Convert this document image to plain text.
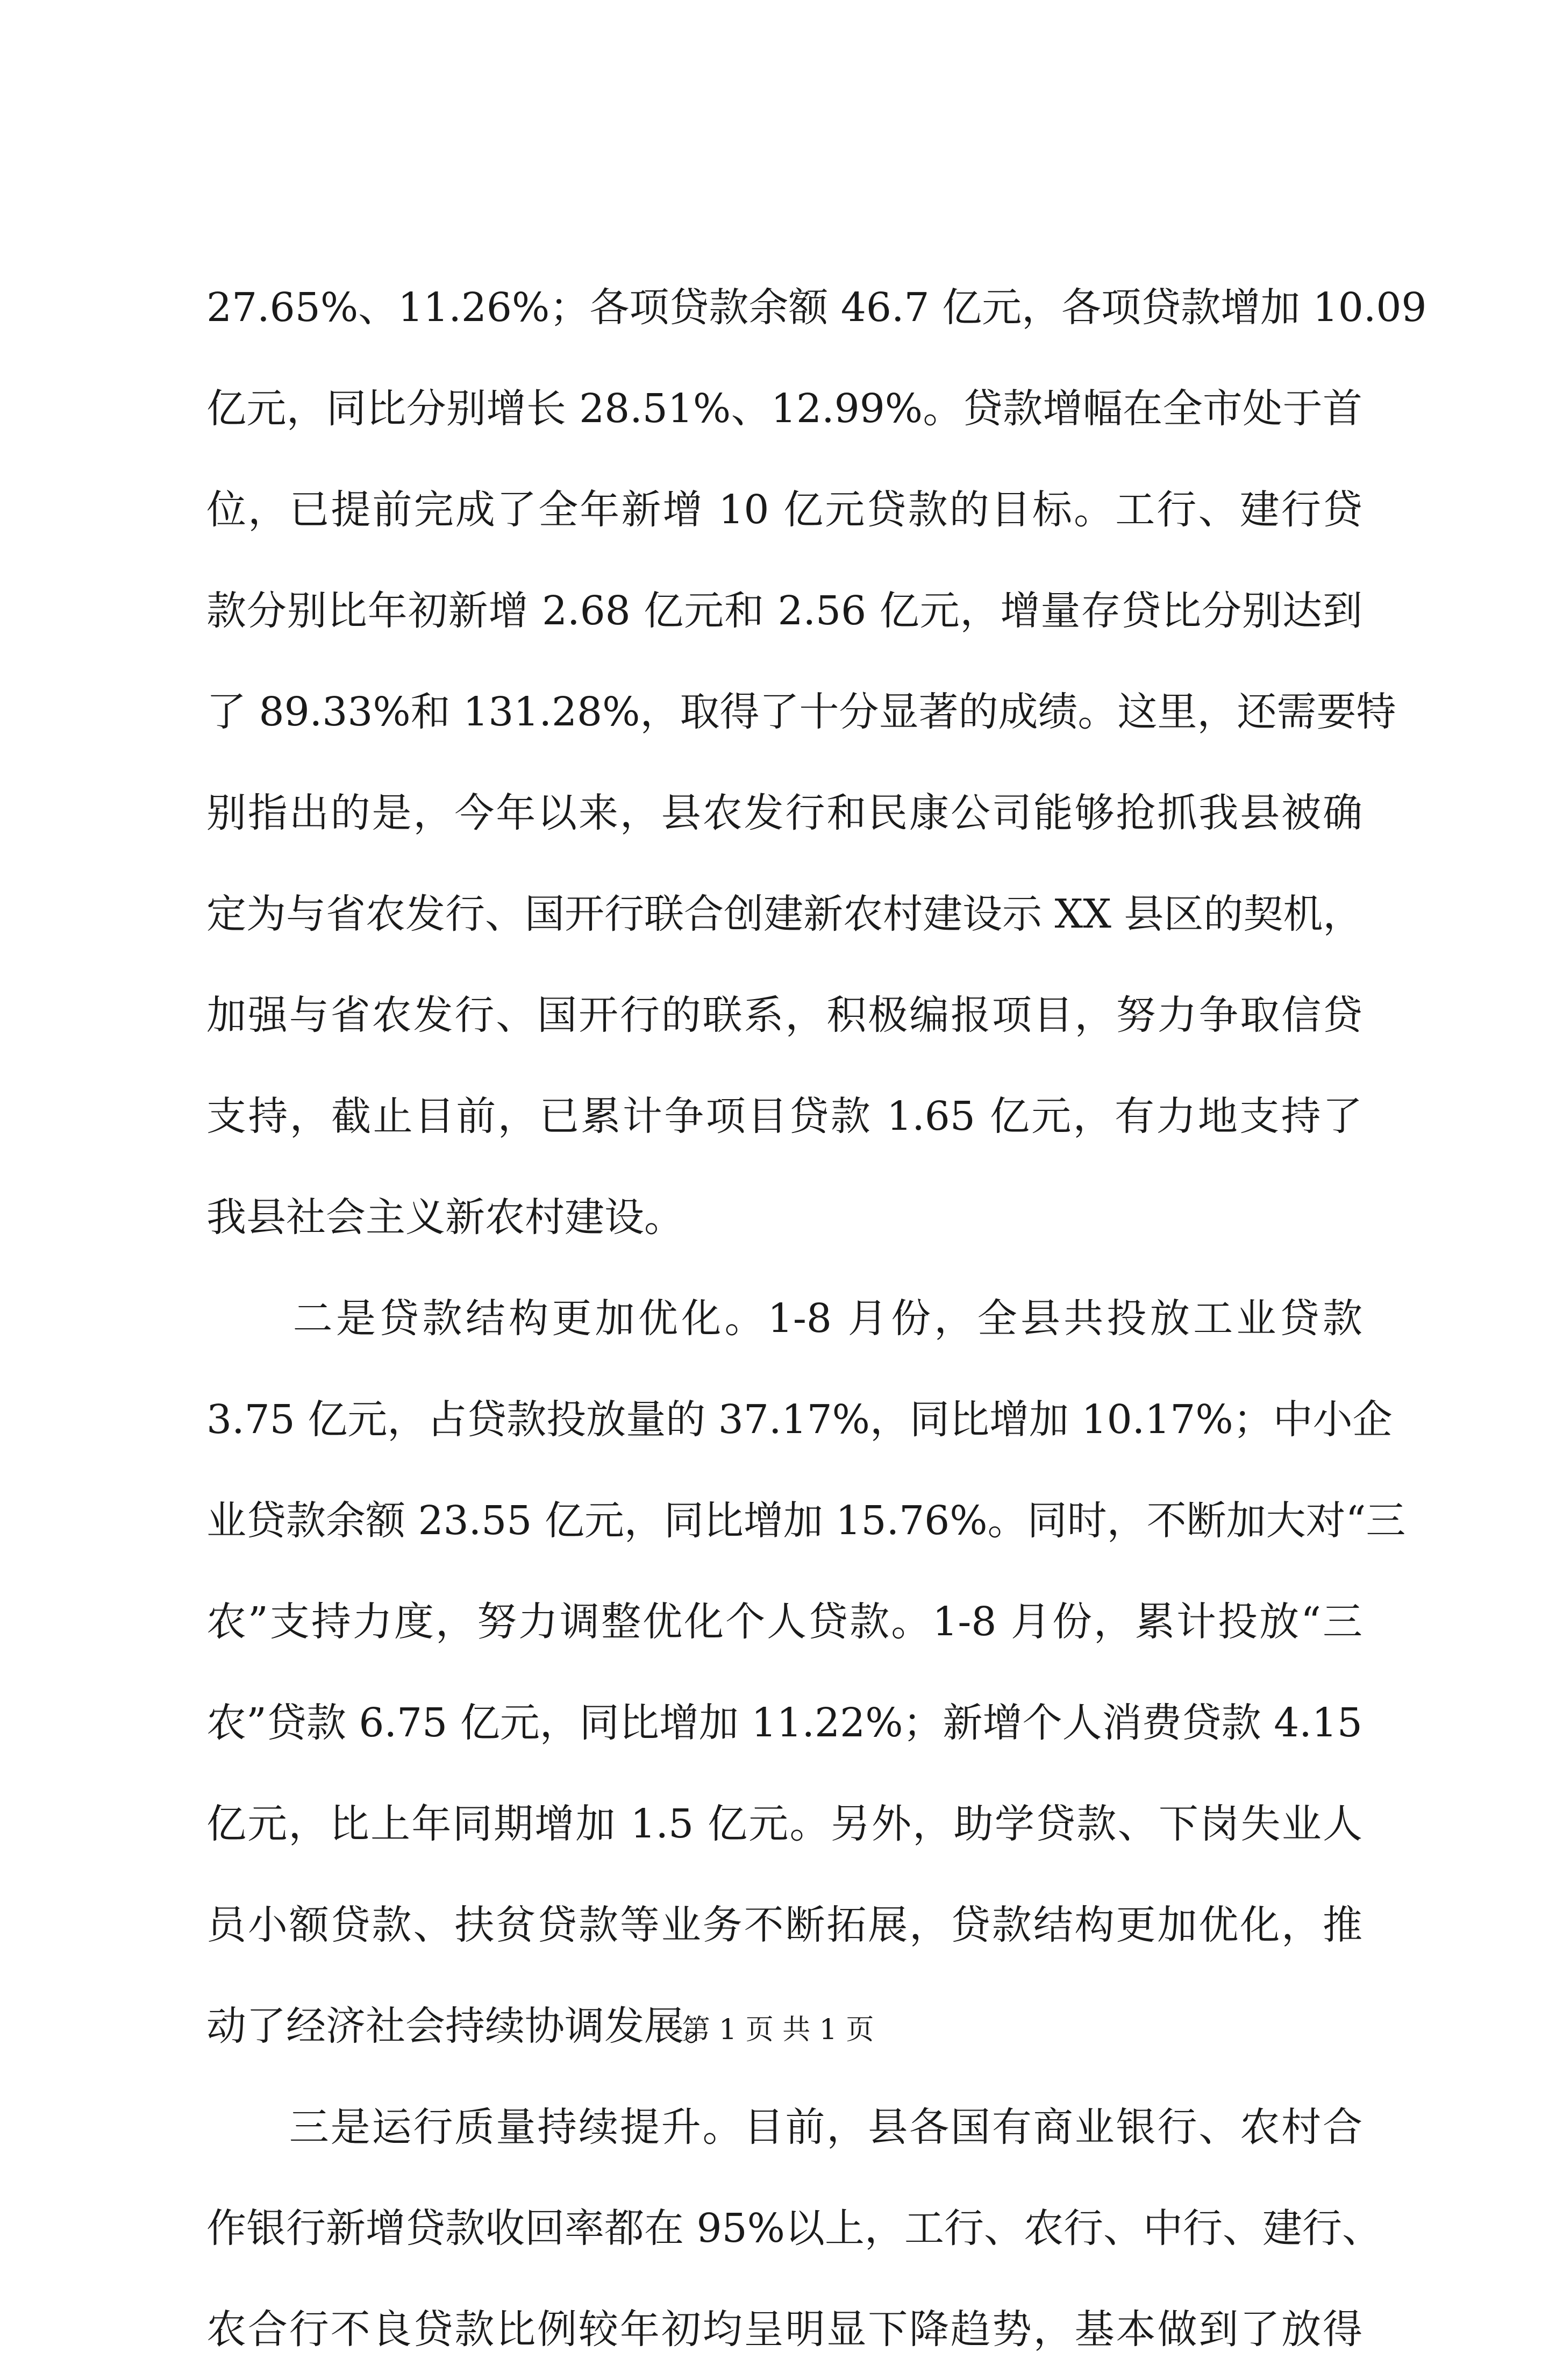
27.65%、11.26%；各项贷款余额 46.7 亿元，各项贷款增加 10.09
亿元，同比分别增长 28.51%、12.99%。贷款增幅在全市处于首
位，已提前完成了全年新增 10 亿元贷款的目标。工行、建行贷
款分别比年初新增 2.68 亿元和 2.56 亿元，增量存贷比分别达到
了 89.33%和 131.28%，取得了十分显著的成绩。这里，还需要特
别指出的是，今年以来，县农发行和民康公司能够抢抓我县被确
定为与省农发行、国开行联合创建新农村建设示 XX 县区的契机，
加强与省农发行、国开行的联系，积极编报项目，努力争取信贷
支持，截止目前，已累计争项目贷款 1.65 亿元，有力地支持了
我县社会主义新农村建设。
　　二是贷款结构更加优化。1-8 月份，全县共投放工业贷款
3.75 亿元，占贷款投放量的 37.17%，同比增加 10.17%；中小企
业贷款余额 23.55 亿元，同比增加 15.76%。同时，不断加大对“三
农”支持力度，努力调整优化个人贷款。1-8 月份，累计投放“三
农”贷款 6.75 亿元，同比增加 11.22%；新增个人消费贷款 4.15
亿元，比上年同期增加 1.5 亿元。另外，助学贷款、下岗失业人
员小额贷款、扶贫贷款等业务不断拓展，贷款结构更加优化，推
动了经济社会持续协调发展。
　　三是运行质量持续提升。目前，县各国有商业银行、农村合
作银行新增贷款收回率都在 95%以上，工行、农行、中行、建行、
农合行不良贷款比例较年初均呈明显下降趋势，基本做到了放得
第 1 页 共 1 页
